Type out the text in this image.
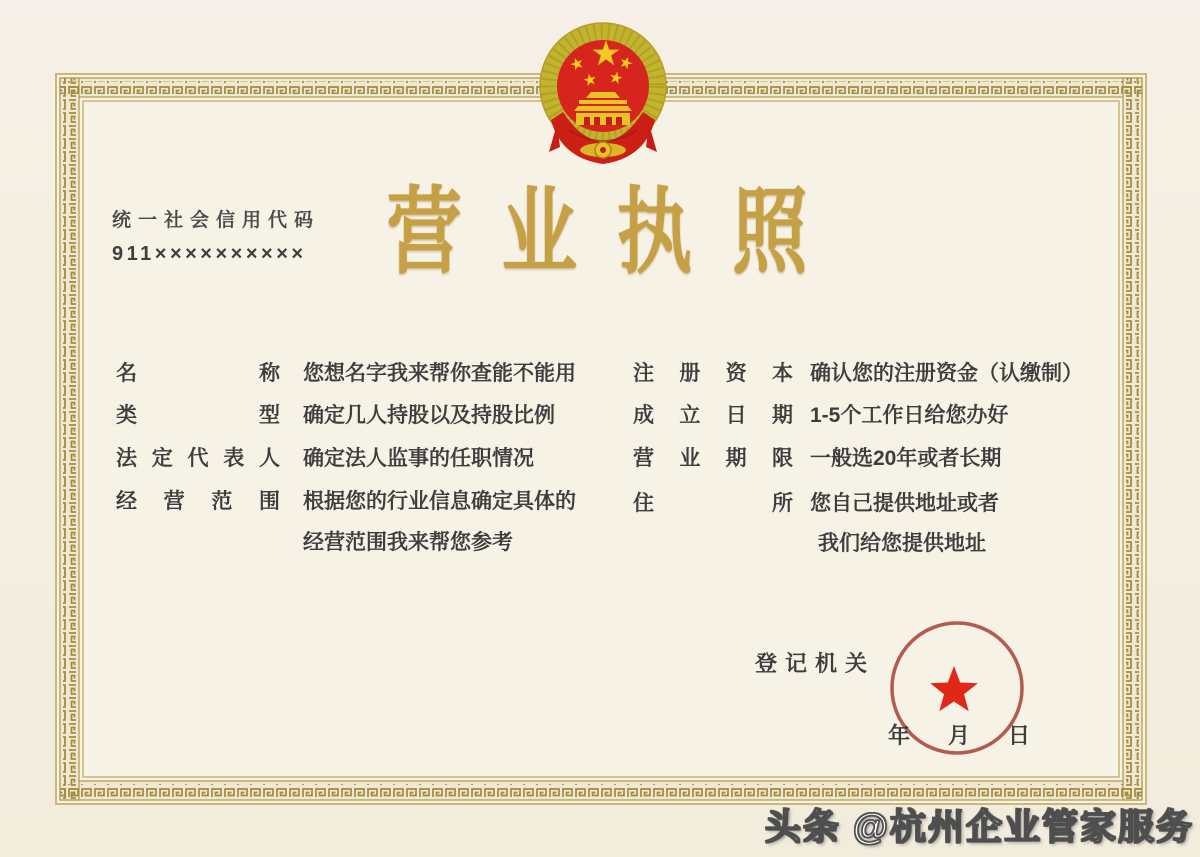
统一社会信用代码
911×××××××××× 营业执照
名称 您想名字我来帮你查能不能用
类型 确定几人持股以及持股比例
法定代表人 确定法人监事的任职情况
经营范围 根据您的行业信息确定具体的
经营范围我来帮您参考
注册资本 确认您的注册资金（认缴制）
成立日期 1-5个工作日给您办好
营业期限 一般选20年或者长期
住所 您自己提供地址或者
我们给您提供地址
登记机关
年 月 日
头条 @杭州企业管家服务
